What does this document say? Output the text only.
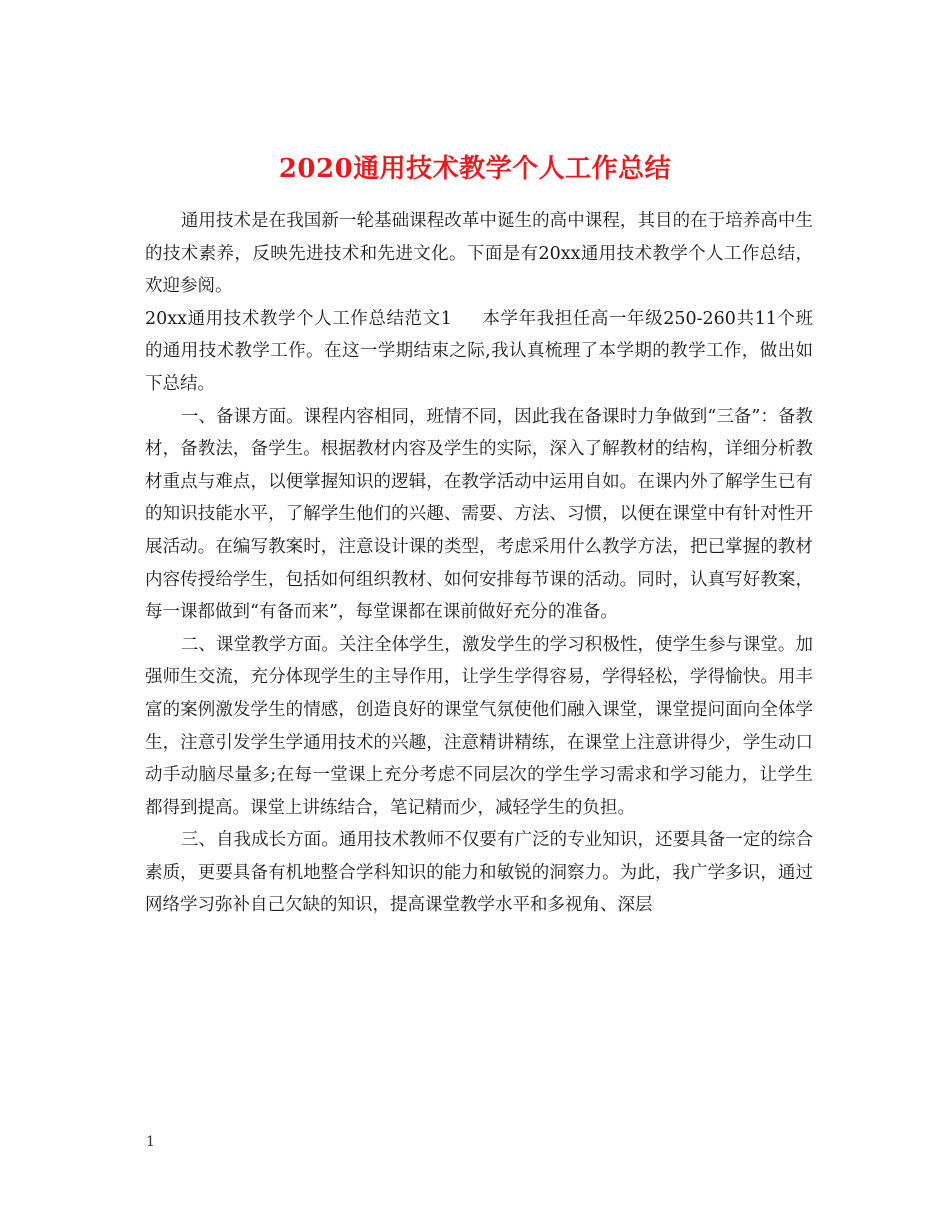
2020通用技术教学个人工作总结

通用技术是在我国新一轮基础课程改革中诞生的高中课程，其目的在于培养高中生的技术素养，反映先进技术和先进文化。下面是有20xx通用技术教学个人工作总结，欢迎参阅。

20xx通用技术教学个人工作总结范文1 本学年我担任高一年级250-260共11个班的通用技术教学工作。在这一学期结束之际,我认真梳理了本学期的教学工作，做出如下总结。

一、备课方面。课程内容相同，班情不同，因此我在备课时力争做到“三备”：备教材，备教法，备学生。根据教材内容及学生的实际，深入了解教材的结构，详细分析教材重点与难点，以便掌握知识的逻辑，在教学活动中运用自如。在课内外了解学生已有的知识技能水平，了解学生他们的兴趣、需要、方法、习惯，以便在课堂中有针对性开展活动。在编写教案时，注意设计课的类型，考虑采用什么教学方法，把已掌握的教材内容传授给学生，包括如何组织教材、如何安排每节课的活动。同时，认真写好教案，每一课都做到“有备而来”，每堂课都在课前做好充分的准备。

二、课堂教学方面。关注全体学生，激发学生的学习积极性，使学生参与课堂。加强师生交流，充分体现学生的主导作用，让学生学得容易，学得轻松，学得愉快。用丰富的案例激发学生的情感，创造良好的课堂气氛使他们融入课堂，课堂提问面向全体学生，注意引发学生学通用技术的兴趣，注意精讲精练，在课堂上注意讲得少，学生动口动手动脑尽量多;在每一堂课上充分考虑不同层次的学生学习需求和学习能力，让学生都得到提高。课堂上讲练结合，笔记精而少，减轻学生的负担。

三、自我成长方面。通用技术教师不仅要有广泛的专业知识，还要具备一定的综合素质，更要具备有机地整合学科知识的能力和敏锐的洞察力。为此，我广学多识，通过网络学习弥补自己欠缺的知识，提高课堂教学水平和多视角、深层

1
